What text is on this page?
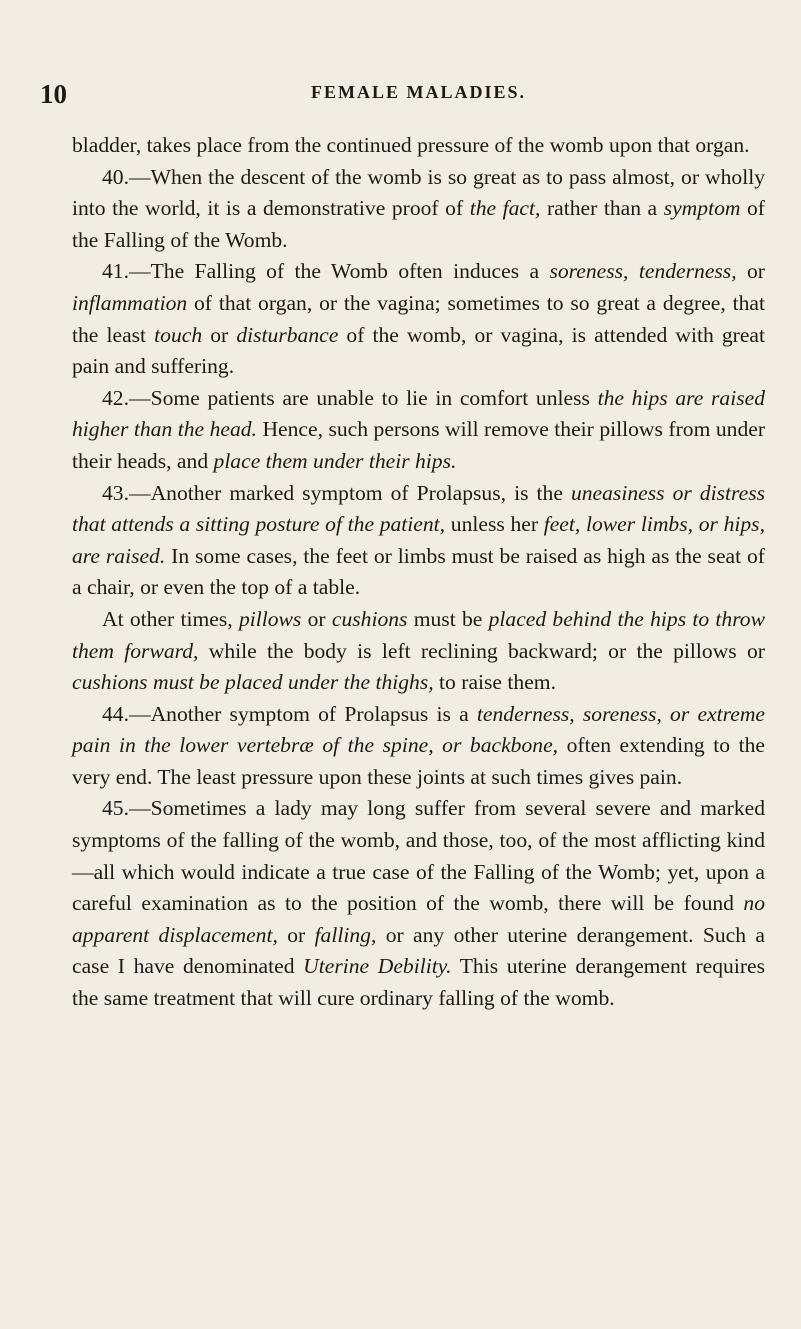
10	FEMALE MALADIES.

bladder, takes place from the continued pressure of the womb upon that organ.

40.—When the descent of the womb is so great as to pass almost, or wholly into the world, it is a demonstrative proof of the fact, rather than a symptom of the Falling of the Womb.

41.—The Falling of the Womb often induces a soreness, tenderness, or inflammation of that organ, or the vagina; sometimes to so great a degree, that the least touch or disturbance of the womb, or vagina, is attended with great pain and suffering.

42.—Some patients are unable to lie in comfort unless the hips are raised higher than the head. Hence, such persons will remove their pillows from under their heads, and place them under their hips.

43.—Another marked symptom of Prolapsus, is the uneasiness or distress that attends a sitting posture of the patient, unless her feet, lower limbs, or hips, are raised. In some cases, the feet or limbs must be raised as high as the seat of a chair, or even the top of a table.

At other times, pillows or cushions must be placed behind the hips to throw them forward, while the body is left reclining backward; or the pillows or cushions must be placed under the thighs, to raise them.

44.—Another symptom of Prolapsus is a tenderness, soreness, or extreme pain in the lower vertebræ of the spine, or backbone, often extending to the very end. The least pressure upon these joints at such times gives pain.

45.—Sometimes a lady may long suffer from several severe and marked symptoms of the falling of the womb, and those, too, of the most afflicting kind—all which would indicate a true case of the Falling of the Womb; yet, upon a careful examination as to the position of the womb, there will be found no apparent displacement, or falling, or any other uterine derangement. Such a case I have denominated Uterine Debility. This uterine derangement requires the same treatment that will cure ordinary falling of the womb.
